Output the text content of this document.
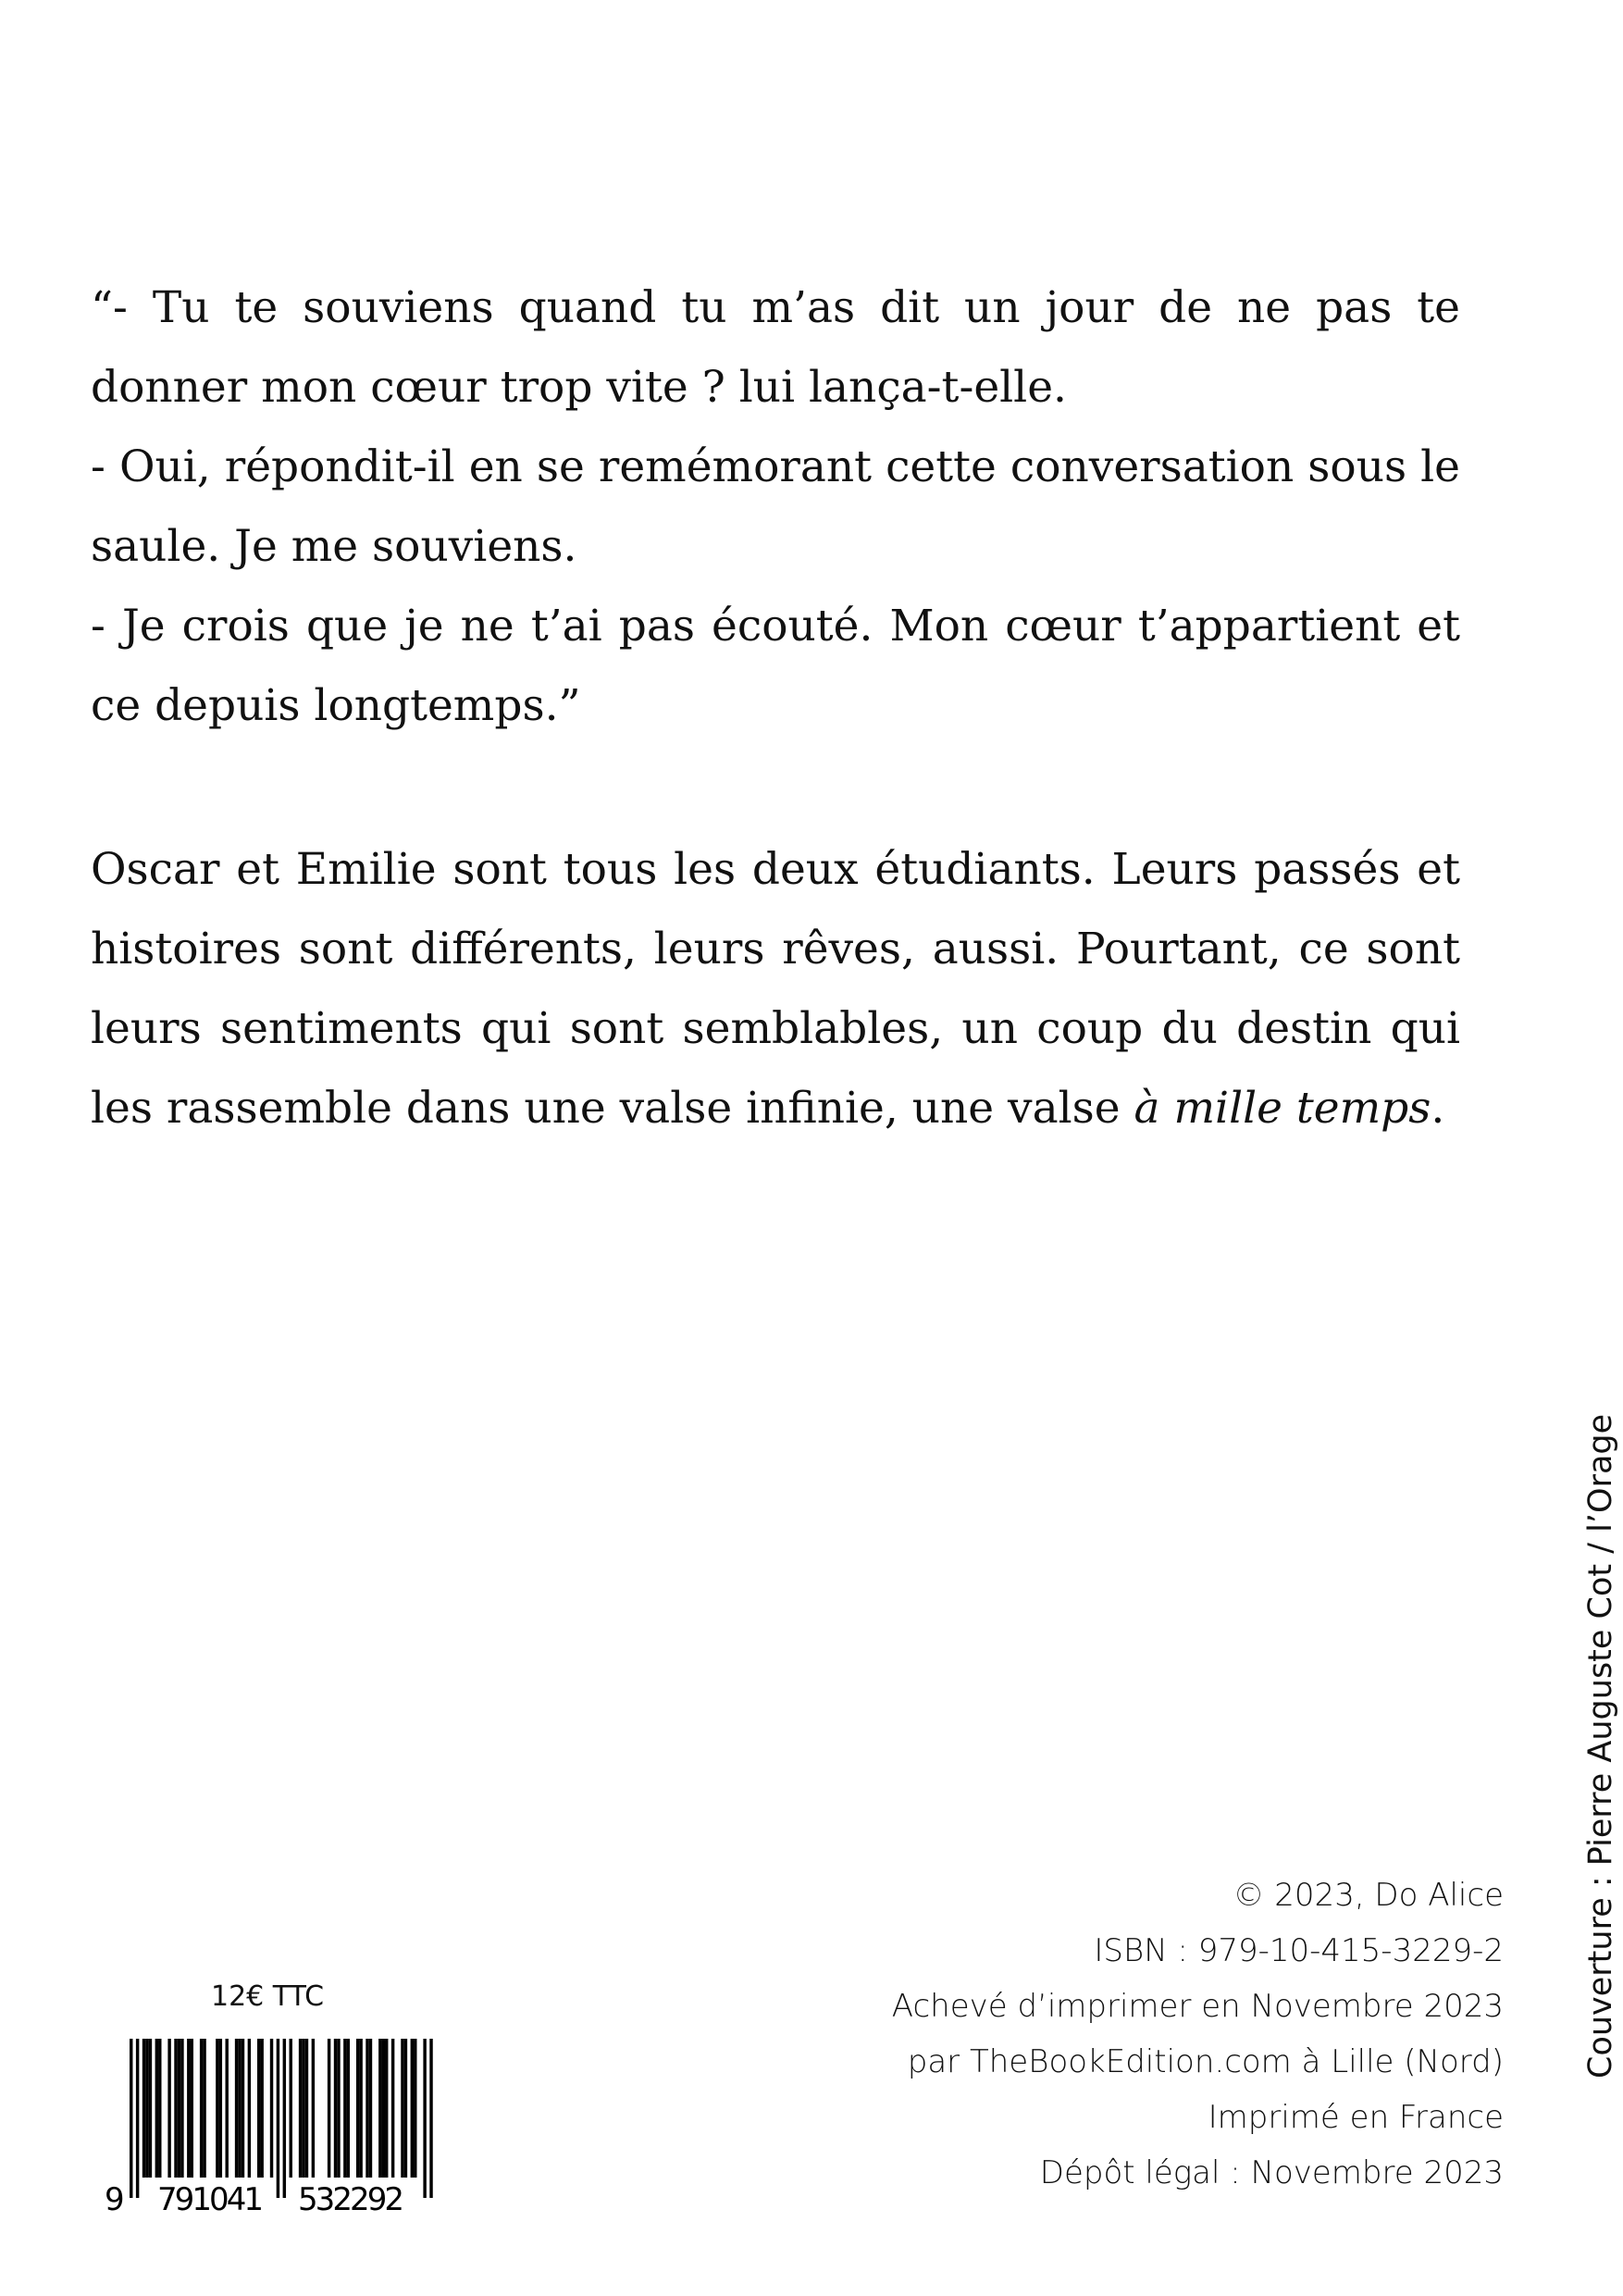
“- Tu te souviens quand tu m’as dit un jour de ne pas te donner mon cœur trop vite ? lui lança-t-elle.

- Oui, répondit-il en se remémorant cette conversation sous le saule. Je me souviens.

- Je crois que je ne t’ai pas écouté. Mon cœur t’appartient et ce depuis longtemps.”

Oscar et Emilie sont tous les deux étudiants. Leurs passés et histoires sont différents, leurs rêves, aussi. Pourtant, ce sont leurs sentiments qui sont semblables, un coup du destin qui les rassemble dans une valse infinie, une valse à mille temps.

© 2023, Do Alice
ISBN : 979-10-415-3229-2
Achevé d’imprimer en Novembre 2023
par TheBookEdition.com à Lille (Nord)
Imprimé en France
Dépôt légal : Novembre 2023
Couverture : Pierre Auguste Cot / l’Orage
12€ TTC
9 791041 532292
